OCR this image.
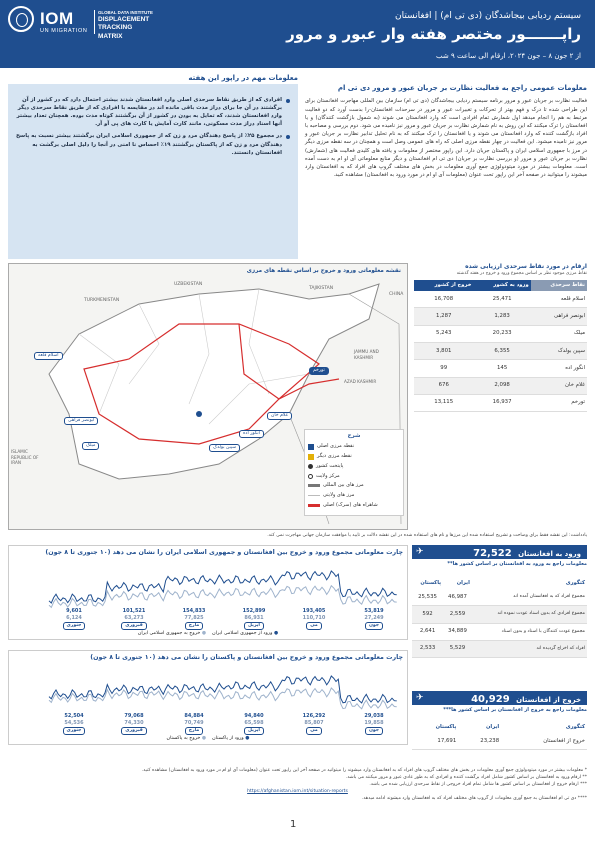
IOM
UN MIGRATION
GLOBAL DATA INSTITUTE
DISPLACEMENT
TRACKING MATRIX
سیستم ردیابی بیجاشدگان (دی تی ام) | افغانستان
راپـــــــور مختصر هفته وار عبور و مرور
از ۲ جون ۸ – جون ۲۰۲۴، ارقام الی ساعت ۹ شب
معلومات مهم در راپور این هفته
افرادی که از طریق نقاط سرحدی اصلی وارد افغانستان شدند بیشتر احتمال دارد که در کشور از آن برگشتند در آن جا برای دراز مدت باقی مانده اند در مقایسه با افرادی که از طریق نقاط سرحدی دیگر وارد افغانستان شدند، که تمایل به بودن در کشور از آن برگشتند کوتاه مدت بوده. همچنان تعداد بیشتر آنها اسناد دراز مدت مسکونی، مانند کارت آمایش یا کارت های پی آو آر.
در مجموع ۲۵٪ از پاسخ دهندگان مرد و زن که از جمهوری اسلامی ایران برگشتند بیشتر نسبت به پاسخ دهندگان مرد و زن که از پاکستان برگشتند ۱۹٪ احساس نا امنی در آنجا را دلیل اصلی برگشت به افغانستان دانستند.
معلومات عمومی راجع به فعالیت نظارت بر جریان عبور و مرور دی تی ام
فعالیت نظارت بر جریان عبور و مرور برنامه سیستم ردیابی بیجاشدگان (دی تی ام) سازمان بین المللی مهاجرت افغانستان برای این طراحی شده تا درک و فهم بهتر از تحرکات و تغییرات عبور و مرور در سرحدات افغانستان-را بدست آورد که دو فعالیت مرتبط به هم را انجام میدهد اول شمارش تمام افرادی است که وارد افغانستان می شوند (به شمول بازگشت کنندگان) و یا افغانستان را ترک میکنند که این روش به نام شمارش نظارت بر جریان عبور و مرور نیز نامیده می شود. دوم بررسی و مصاحبه با افراد بازگشت کننده که وارد افغانستان می شوند و یا افغانستان را ترک میکنند که به نام تحلیل تدابیر نظارت بر جریان عبور و مرور نیز نامیده میشود. این فعالیت در چهار نقطه مرزی اصلی که راه های عمومی وصل است و همچنان در سه نقطه مرزی دیگر در مرز با جمهوری اسلامی ایران و پاکستان جریان دارد. این راپور مختصر از معلومات و یافته های کلیدی فعالیت های (شمارش) نظارت بر جریان عبور و مرور (و بررسی نظارت بر جریان) دی تی ام افغانستان و دیگر منابع معلوماتی آی او ام به دست آمده است. معلومات بیشتر در مورد میتودولوژی جمع آوری معلومات در بخش های مختلف گروپ های افراد که به افغانستان وارد میشوند را میتوانید در صفحه آخر این راپور تحت عنوان (معلومات آی او ام در مورد ورود به افغانستان) مشاهده کنید.
نقشه معلوماتی ورود و خروج بر اساس نقطه های مرزی
UZBEKISTAN
TURKMENISTAN
TAJIKISTAN
CHINA
ISLAMIC REPUBLIC OF IRAN
JAMMU AND KASHMIR
AZAD KASHMIR
اسلام قلعه
ابونصر فراهی
میلک	سپین بولدک
غلام خان
تورخم
انگور اده	شرح
نقطه مرزی اصلی
نقطه مرزی دیگر
پایتخت کشور
مرکز ولایت
مرز های بین المللی
مرز های ولایتی
شاهراه های (سرک) اصلی
ارقام در مورد نقاط سرحدی ارزیابی شده
نقاط مرزی موجود نظر بر اساس مجموع ورود و خروج در هفته گذشته
نقاط سرحدی	ورود به کشور	خروج از کشور
اسلام قلعه	25,471	16,708
ابونصر فراهی	1,283	1,287
میلک	20,233	5,243
سپین بولدک	6,355	3,801
انگور اده	145	99
غلام خان	2,098	676
تورخم	16,937	13,115
یادداشت: این نقشه فقط برای وضاحت و تشریح استفاده شده این مرزها و نام های استفاده شده در این نقشه دلالت بر تایید یا موافقت سازمان جهانی مهاجرت نمی کند.
ورود به افغانستان 72,522
✈
معلومات راجع به ورود به افغانستان بر اساس کشور ها**
کتگوری	ایران	پاکستان
مجموع افراد که به افغانستان آمده اند	46,987	25,535
مجموع افرادی که بدون اسناد عودت نموده اند	2,559	592
مجموع عودت کنندگان با اسناد و بدون اسناد	34,889	2,641
افراد که اخراج گردیده اند	5,529	2,533
خروج از افغانستان 40,929
✈
معلومات راجع به خروج از افغانستان بر اساس کشور ها***
کتگوری	ایران	پاکستان
خروج از افغانستان	23,238	17,691
چارت معلوماتی مجموع ورود و خروج بین افغانستان و جمهوری اسلامی ایران را نشان می دهد (۱۰ جنوری تا ۸ جون)
9,601
6,124
جنوری
101,521
63,273
فبروری
154,833
77,825
مارچ
152,899
86,931
اپریل
193,405
110,710
می
53,819
27,249
جون
● ورود از جمهوری اسلامی ایران    ● خروج به جمهوری اسلامی ایران
چارت معلوماتی مجموع ورود و خروج بین افغانستان و پاکستان را نشان می دهد (۱۰ جنوری تا ۸ جون)
52,504
54,536
جنوری
79,068
74,330
فبروری
84,884
70,749
مارچ
94,840
65,598
اپریل
126,292
85,807
می
29,038
19,858
جون
● ورود از پاکستان    ● خروج به پاکستان
* معلومات بیشتر در مورد میتودولوژی جمع آوری معلومات در بخش های مختلف گروپ های افراد که به افغانستان وارد میشوند را میتوانید در صفحه آخر این راپور تحت عنوان (معلومات آی او ام در مورد ورود به افغانستان) مشاهده کنید.
** ارقام ورود به افغانستان بر اساس کشور شامل افراد برگشت کننده و افرادی که به طور عادی عبور و مرور میکنند می باشد.
*** ارقام خروج از افغانستان بر اساس کشور ها شامل تمام افراد خروجی از نقاط سرحدی ارزیابی شده می باشد.
https://afghanistan.iom.int/situation-reports
**** دی تی ام افغانستان به جمع آوری معلومات از گروپ های مختلف افراد که به افغانستان وارد میشوند ادامه میدهد.
1
